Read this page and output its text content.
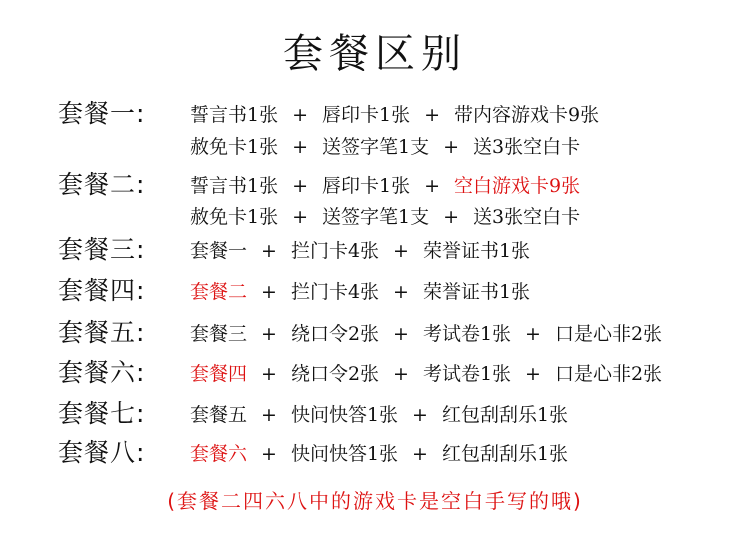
套餐区别
套餐一: 誓言书1张 + 唇印卡1张 + 带内容游戏卡9张
赦免卡1张 + 送签字笔1支 + 送3张空白卡
套餐二: 誓言书1张 + 唇印卡1张 + 空白游戏卡9张
赦免卡1张 + 送签字笔1支 + 送3张空白卡
套餐三: 套餐一 + 拦门卡4张 + 荣誉证书1张
套餐四: 套餐二 + 拦门卡4张 + 荣誉证书1张
套餐五: 套餐三 + 绕口令2张 + 考试卷1张 + 口是心非2张
套餐六: 套餐四 + 绕口令2张 + 考试卷1张 + 口是心非2张
套餐七: 套餐五 + 快问快答1张 + 红包刮刮乐1张
套餐八: 套餐六 + 快问快答1张 + 红包刮刮乐1张
(套餐二四六八中的游戏卡是空白手写的哦)
